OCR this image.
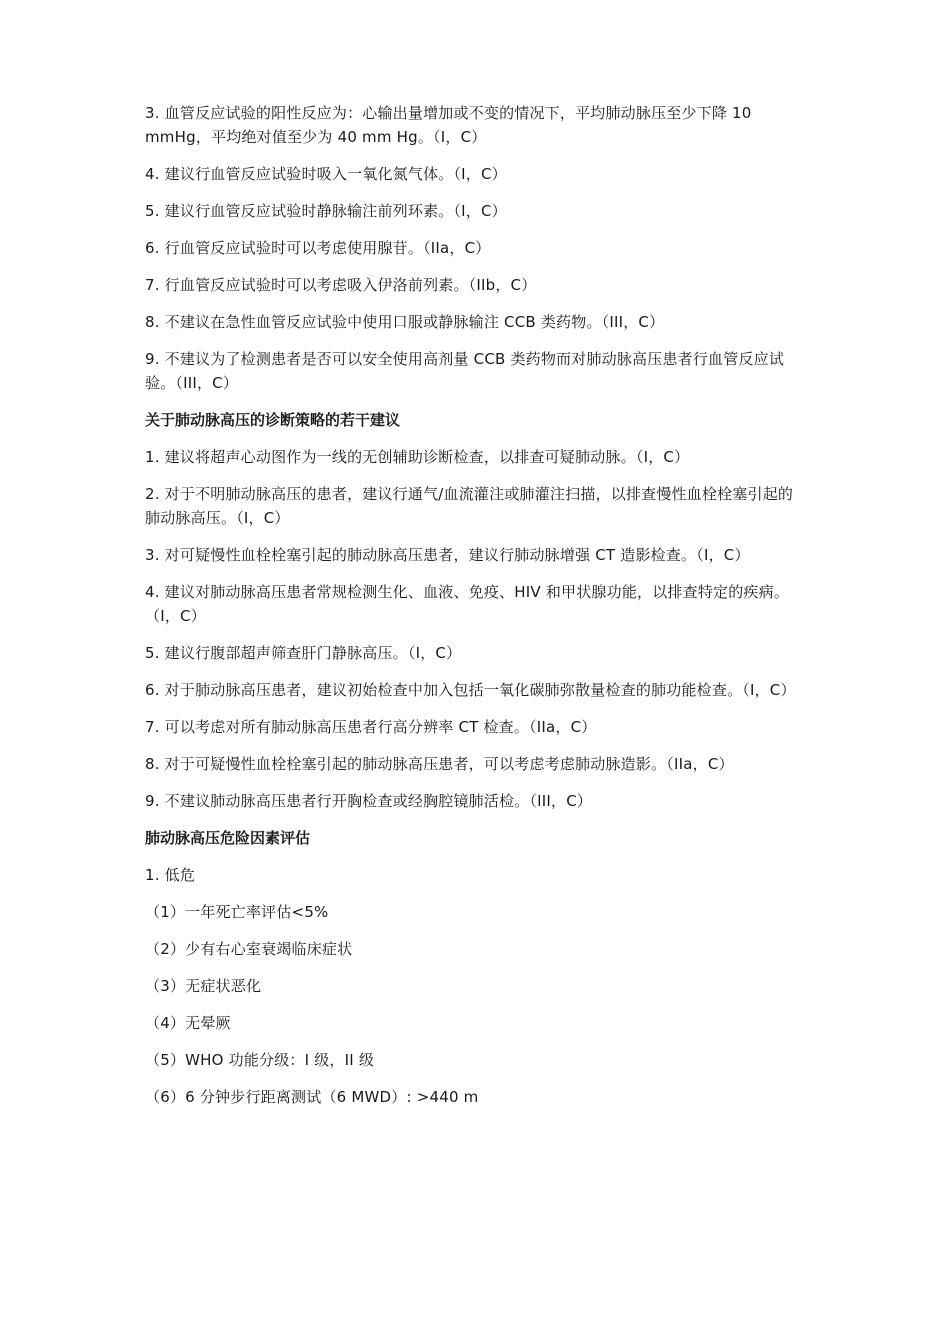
3. 血管反应试验的阳性反应为：心输出量增加或不变的情况下，平均肺动脉压至少下降 10 mmHg，平均绝对值至少为 40 mm Hg。（I，C）

4. 建议行血管反应试验时吸入一氧化氮气体。（I，C）

5. 建议行血管反应试验时静脉输注前列环素。（I，C）

6. 行血管反应试验时可以考虑使用腺苷。（IIa，C）

7. 行血管反应试验时可以考虑吸入伊洛前列素。（IIb，C）

8. 不建议在急性血管反应试验中使用口服或静脉输注 CCB 类药物。（III，C）

9. 不建议为了检测患者是否可以安全使用高剂量 CCB 类药物而对肺动脉高压患者行血管反应试验。（III，C）

关于肺动脉高压的诊断策略的若干建议

1. 建议将超声心动图作为一线的无创辅助诊断检查，以排查可疑肺动脉。（I，C）

2. 对于不明肺动脉高压的患者，建议行通气/血流灌注或肺灌注扫描，以排查慢性血栓栓塞引起的肺动脉高压。（I，C）

3. 对可疑慢性血栓栓塞引起的肺动脉高压患者，建议行肺动脉增强 CT 造影检查。（I，C）

4. 建议对肺动脉高压患者常规检测生化、血液、免疫、HIV 和甲状腺功能，以排查特定的疾病。（I，C）

5. 建议行腹部超声筛查肝门静脉高压。（I，C）

6. 对于肺动脉高压患者，建议初始检查中加入包括一氧化碳肺弥散量检查的肺功能检查。（I，C）

7. 可以考虑对所有肺动脉高压患者行高分辨率 CT 检查。（IIa，C）

8. 对于可疑慢性血栓栓塞引起的肺动脉高压患者，可以考虑考虑肺动脉造影。（IIa，C）

9. 不建议肺动脉高压患者行开胸检查或经胸腔镜肺活检。（III，C）

肺动脉高压危险因素评估

1. 低危

（1）一年死亡率评估<5%

（2）少有右心室衰竭临床症状

（3）无症状恶化

（4）无晕厥

（5）WHO 功能分级：I 级，II 级

（6）6 分钟步行距离测试（6 MWD）: >440 m
